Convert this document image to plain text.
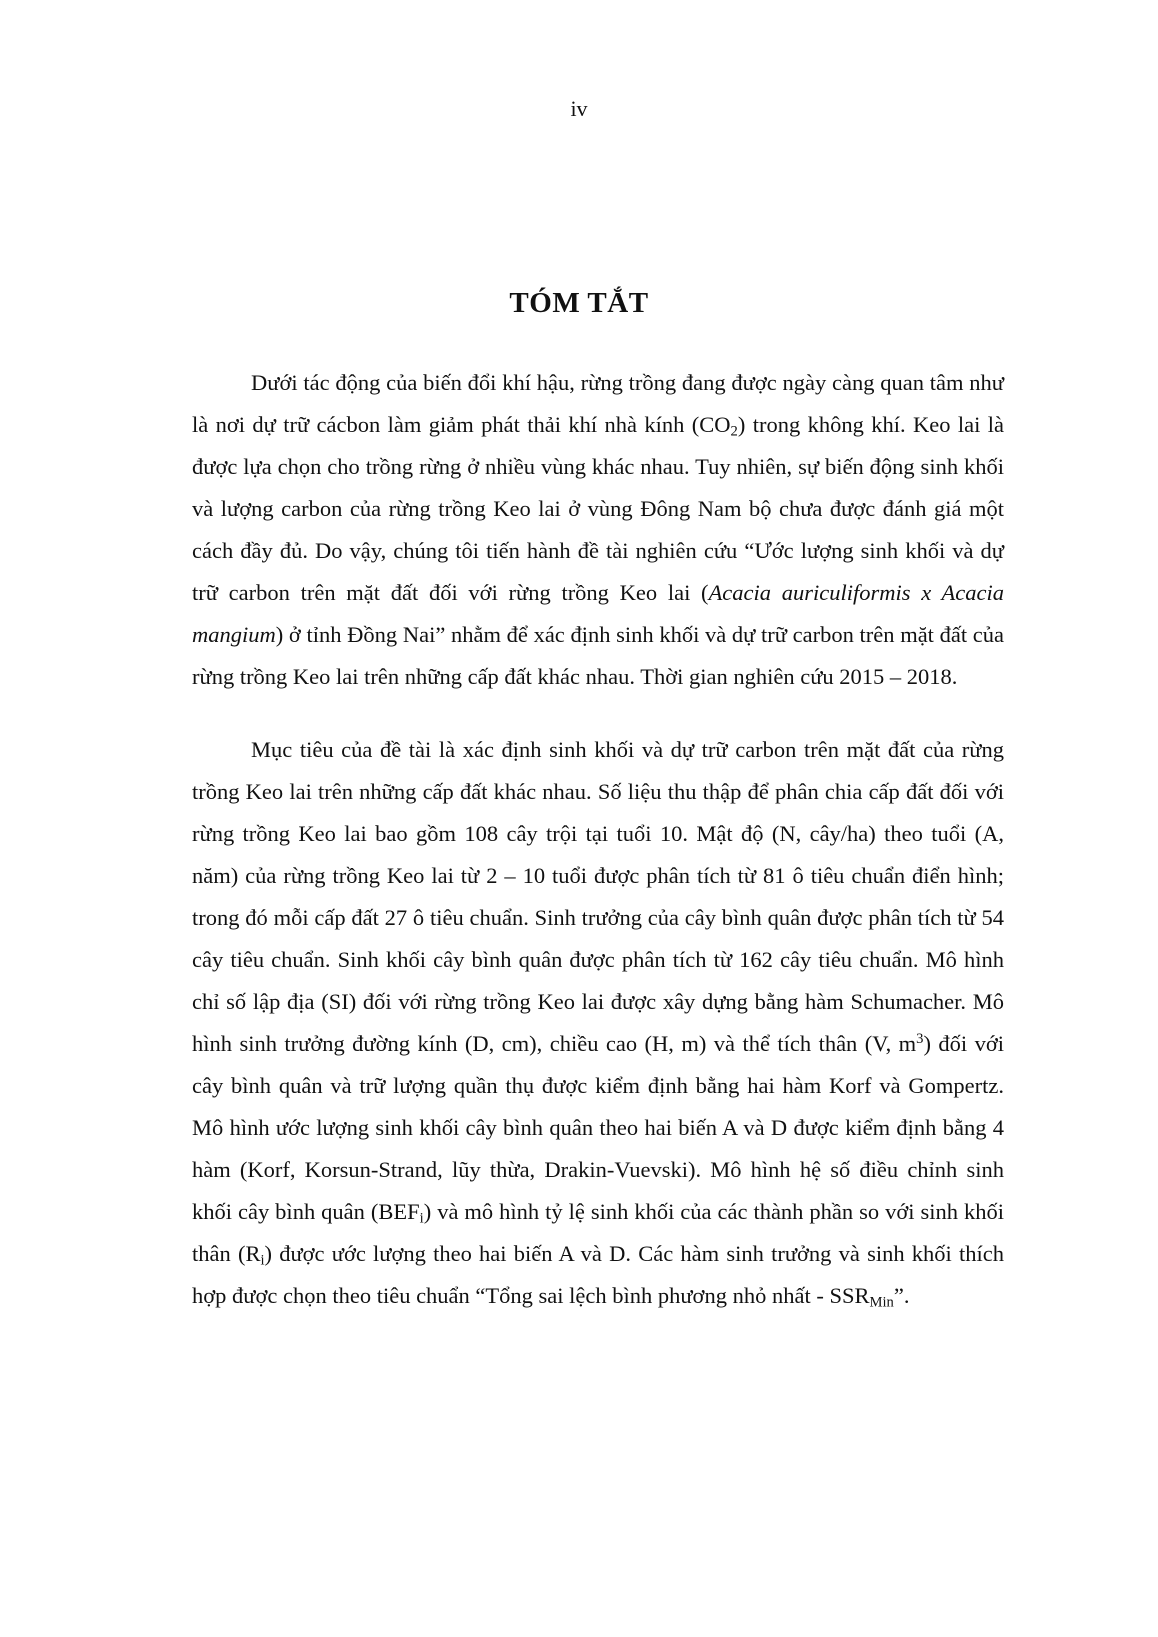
iv
TÓM TẮT

Dưới tác động của biến đổi khí hậu, rừng trồng đang được ngày càng quan tâm như là nơi dự trữ cácbon làm giảm phát thải khí nhà kính $(CO_2)$ trong không khí. Keo lai là được lựa chọn cho trồng rừng ở nhiều vùng khác nhau. Tuy nhiên, sự biến động sinh khối và lượng carbon của rừng trồng Keo lai ở vùng Đông Nam bộ chưa được đánh giá một cách đầy đủ. Do vậy, chúng tôi tiến hành đề tài nghiên cứu “Ước lượng sinh khối và dự trữ carbon trên mặt đất đối với rừng trồng Keo lai (Acacia auriculiformis x Acacia mangium) ở tỉnh Đồng Nai” nhằm để xác định sinh khối và dự trữ carbon trên mặt đất của rừng trồng Keo lai trên những cấp đất khác nhau. Thời gian nghiên cứu 2015 – 2018.

Mục tiêu của đề tài là xác định sinh khối và dự trữ carbon trên mặt đất của rừng trồng Keo lai trên những cấp đất khác nhau. Số liệu thu thập để phân chia cấp đất đối với rừng trồng Keo lai bao gồm 108 cây trội tại tuổi 10. Mật độ (N, cây/ha) theo tuổi (A, năm) của rừng trồng Keo lai từ 2 – 10 tuổi được phân tích từ 81 ô tiêu chuẩn điển hình; trong đó mỗi cấp đất 27 ô tiêu chuẩn. Sinh trưởng của cây bình quân được phân tích từ 54 cây tiêu chuẩn. Sinh khối cây bình quân được phân tích từ 162 cây tiêu chuẩn. Mô hình chỉ số lập địa (SI) đối với rừng trồng Keo lai được xây dựng bằng hàm Schumacher. Mô hình sinh trưởng đường kính (D, cm), chiều cao (H, m) và thể tích thân (V, $m^3$) đối với cây bình quân và trữ lượng quần thụ được kiểm định bằng hai hàm Korf và Gompertz. Mô hình ước lượng sinh khối cây bình quân theo hai biến A và D được kiểm định bằng 4 hàm (Korf, Korsun-Strand, lũy thừa, Drakin-Vuevski). Mô hình hệ số điều chỉnh sinh khối cây bình quân $(BEF_i)$ và mô hình tỷ lệ sinh khối của các thành phần so với sinh khối thân $(R_i)$ được ước lượng theo hai biến A và D. Các hàm sinh trưởng và sinh khối thích hợp được chọn theo tiêu chuẩn “Tổng sai lệch bình phương nhỏ nhất - $SSR_{Min}$”.
